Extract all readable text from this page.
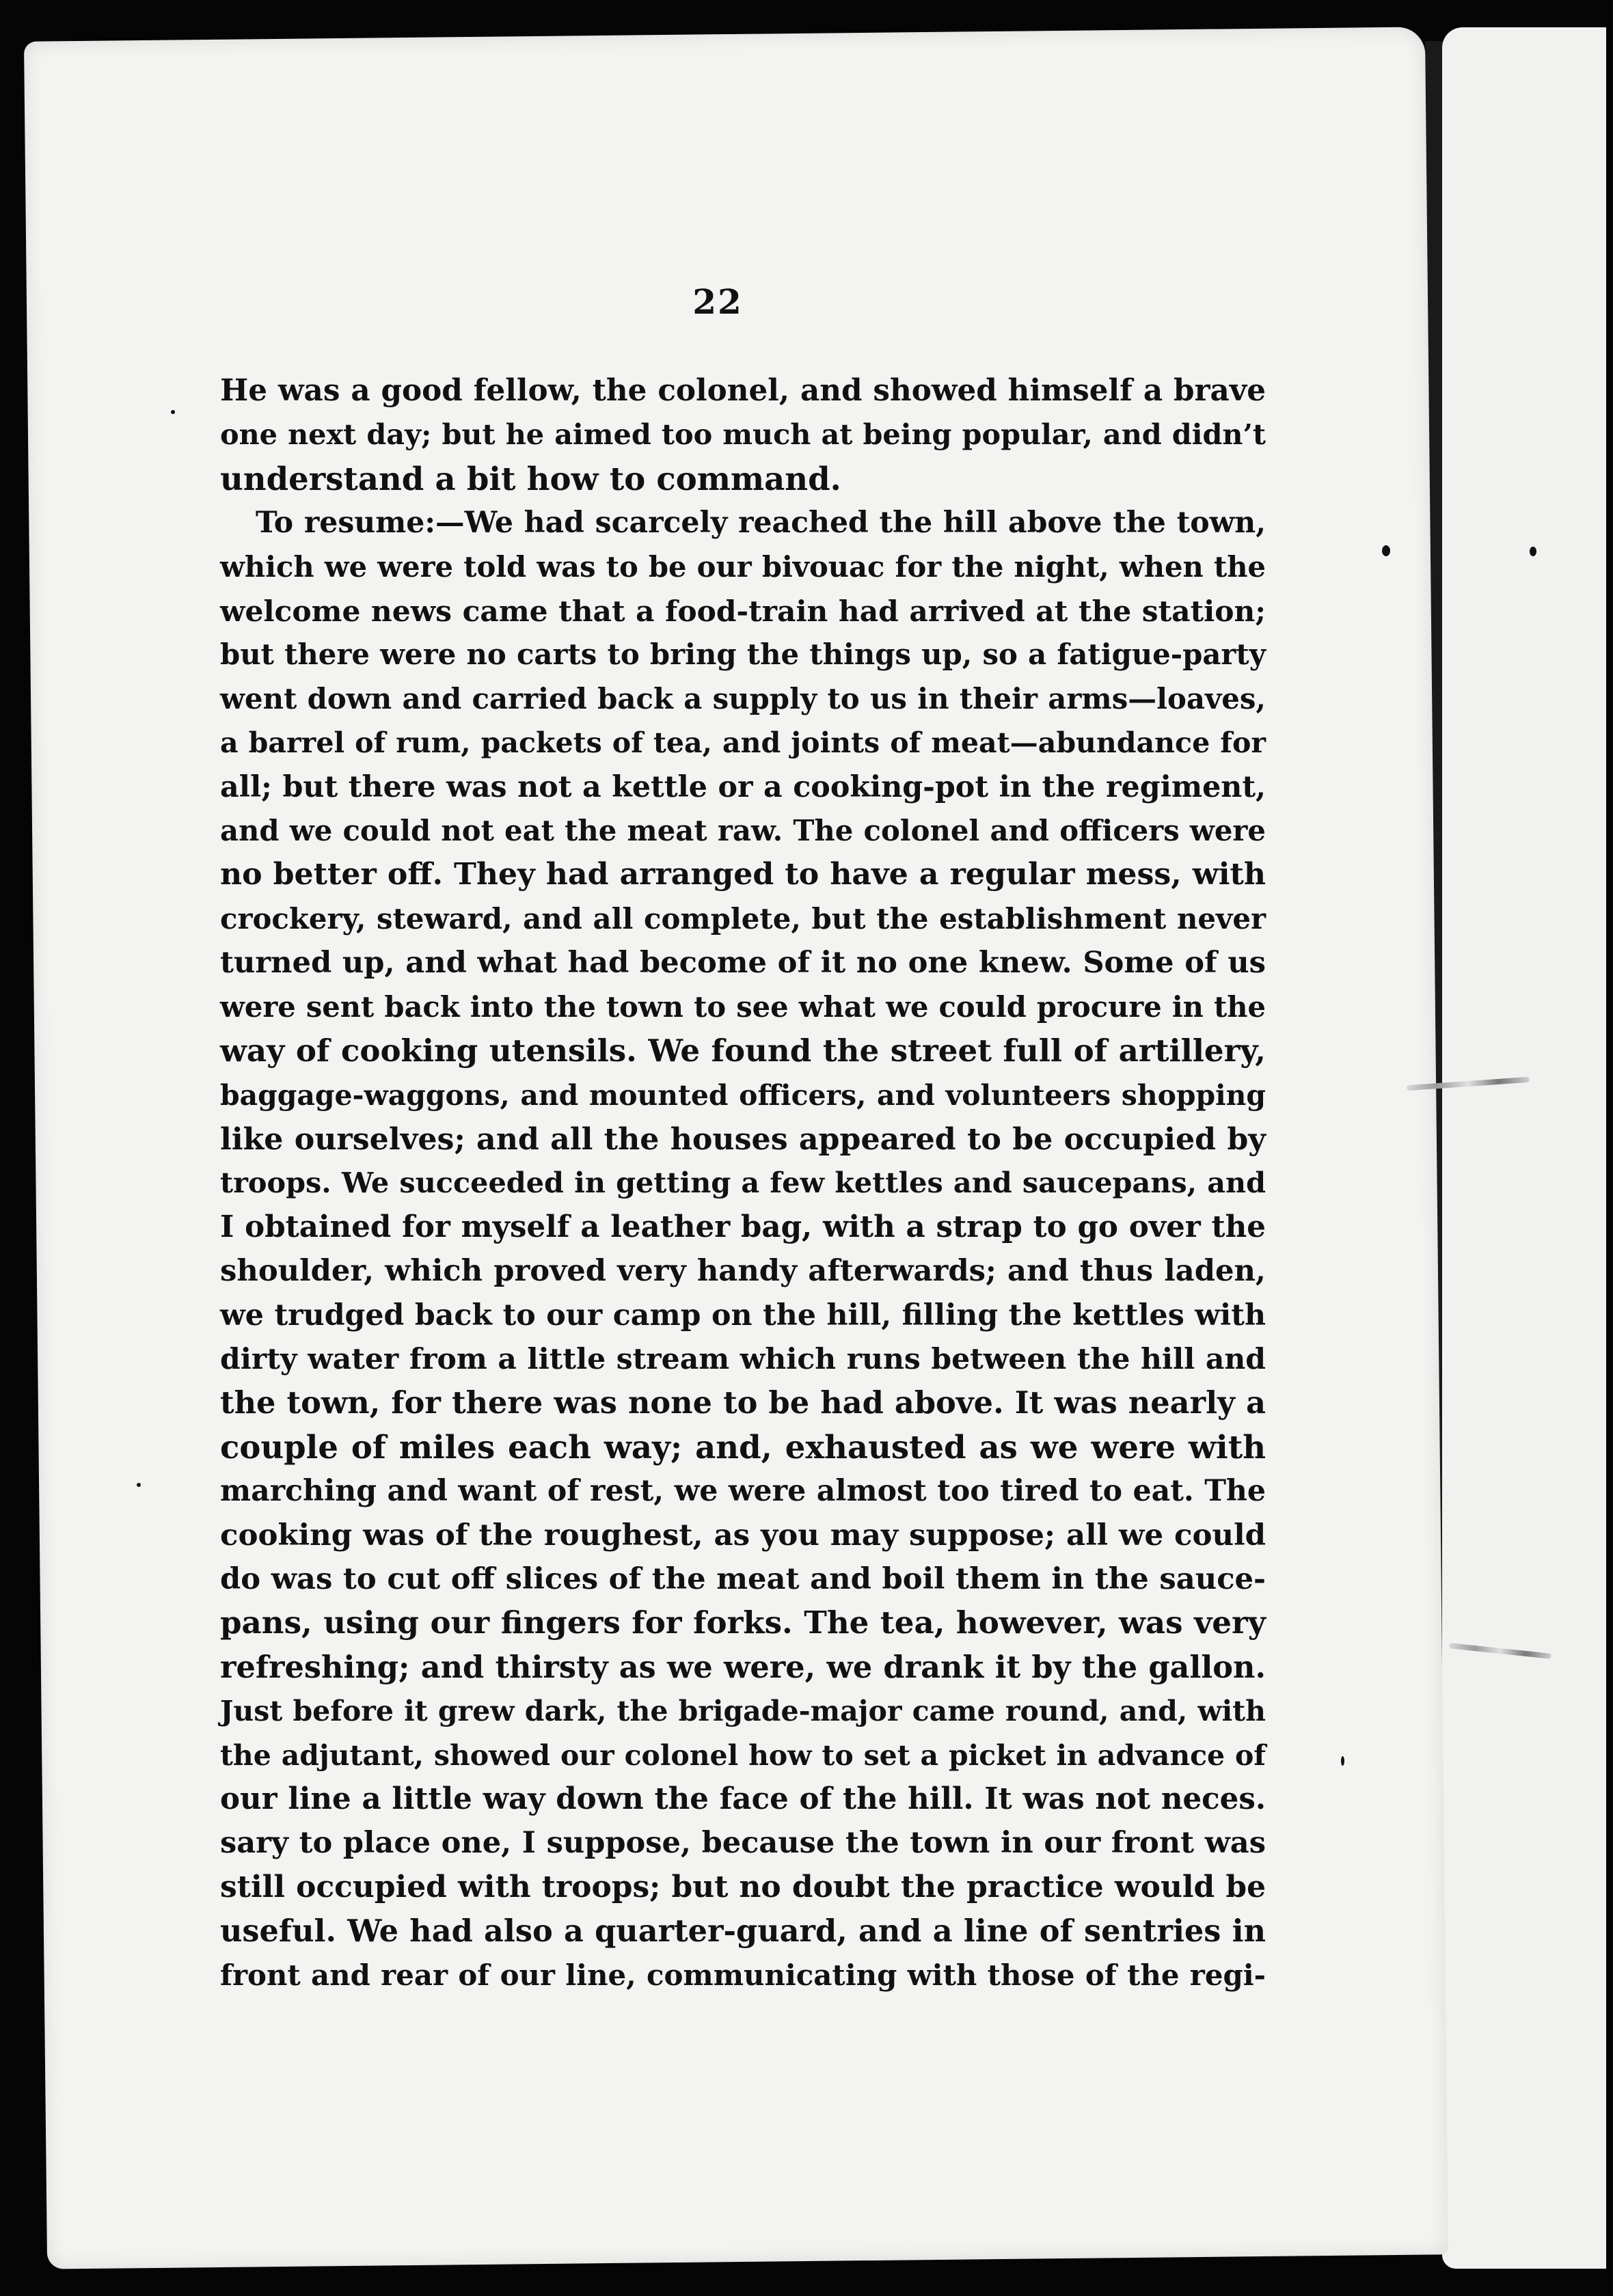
22
He was a good fellow, the colonel, and showed himself a brave
one next day; but he aimed too much at being popular, and didn’t
understand a bit how to command.
To resume:—We had scarcely reached the hill above the town,
which we were told was to be our bivouac for the night, when the
welcome news came that a food-train had arrived at the station;
but there were no carts to bring the things up, so a fatigue-party
went down and carried back a supply to us in their arms—loaves,
a barrel of rum, packets of tea, and joints of meat—abundance for
all; but there was not a kettle or a cooking-pot in the regiment,
and we could not eat the meat raw. The colonel and officers were
no better off. They had arranged to have a regular mess, with
crockery, steward, and all complete, but the establishment never
turned up, and what had become of it no one knew. Some of us
were sent back into the town to see what we could procure in the
way of cooking utensils. We found the street full of artillery,
baggage-waggons, and mounted officers, and volunteers shopping
like ourselves; and all the houses appeared to be occupied by
troops. We succeeded in getting a few kettles and saucepans, and
I obtained for myself a leather bag, with a strap to go over the
shoulder, which proved very handy afterwards; and thus laden,
we trudged back to our camp on the hill, filling the kettles with
dirty water from a little stream which runs between the hill and
the town, for there was none to be had above. It was nearly a
couple of miles each way; and, exhausted as we were with
marching and want of rest, we were almost too tired to eat. The
cooking was of the roughest, as you may suppose; all we could
do was to cut off slices of the meat and boil them in the sauce-
pans, using our fingers for forks. The tea, however, was very
refreshing; and thirsty as we were, we drank it by the gallon.
Just before it grew dark, the brigade-major came round, and, with
the adjutant, showed our colonel how to set a picket in advance of
our line a little way down the face of the hill. It was not neces.
sary to place one, I suppose, because the town in our front was
still occupied with troops; but no doubt the practice would be
useful. We had also a quarter-guard, and a line of sentries in
front and rear of our line, communicating with those of the regi-
